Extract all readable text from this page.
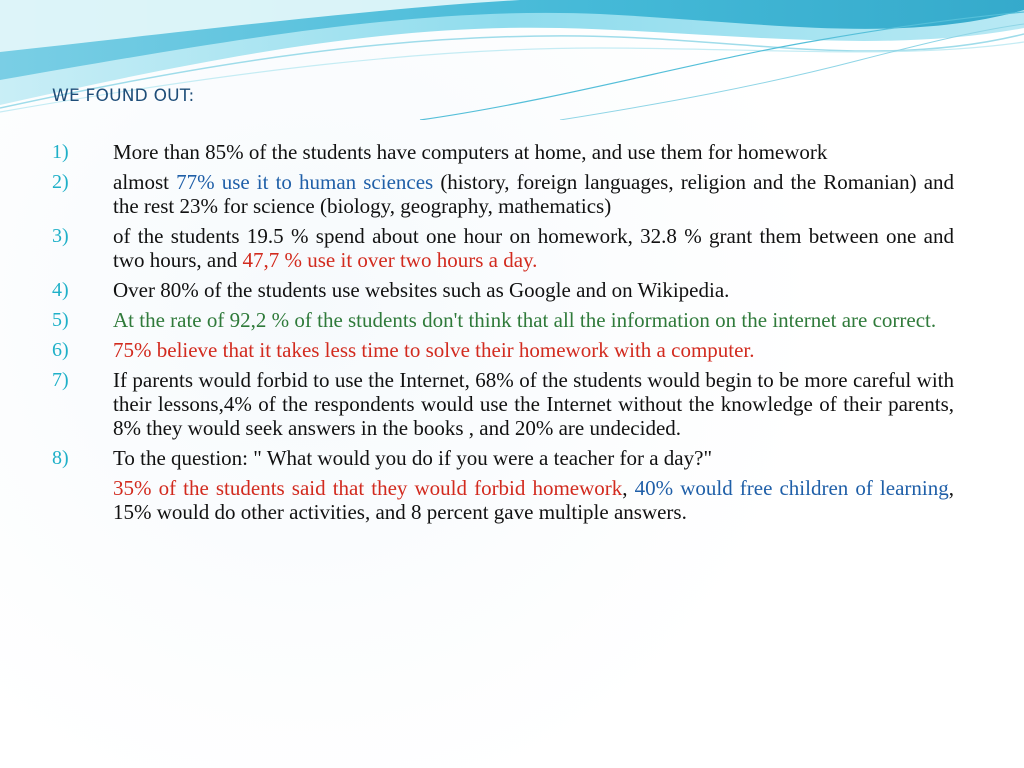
WE FOUND OUT:
1) More than 85% of the students have computers at home, and use them for homework
2) almost 77% use it to human sciences (history, foreign languages, religion and the Romanian) and the rest 23% for science (biology, geography, mathematics)
3) of the students 19.5 % spend about one hour on homework, 32.8 % grant them between one and two hours, and 47,7 % use it over two hours a day.
4) Over 80% of the students use websites such as Google and on Wikipedia.
5) At the rate of 92,2 % of the students don't think that all the information on the internet are correct.
6) 75% believe that it takes less time to solve their homework with a computer.
7) If parents would forbid to use the Internet, 68% of the students would begin to be more careful with their lessons,4% of the respondents would use the Internet without the knowledge of their parents, 8% they would seek answers in the books , and 20% are undecided.
8) To the question: " What would you do if you were a teacher for a day?"
35% of the students said that they would forbid homework, 40% would free children of learning, 15% would do other activities, and 8 percent gave multiple answers.
